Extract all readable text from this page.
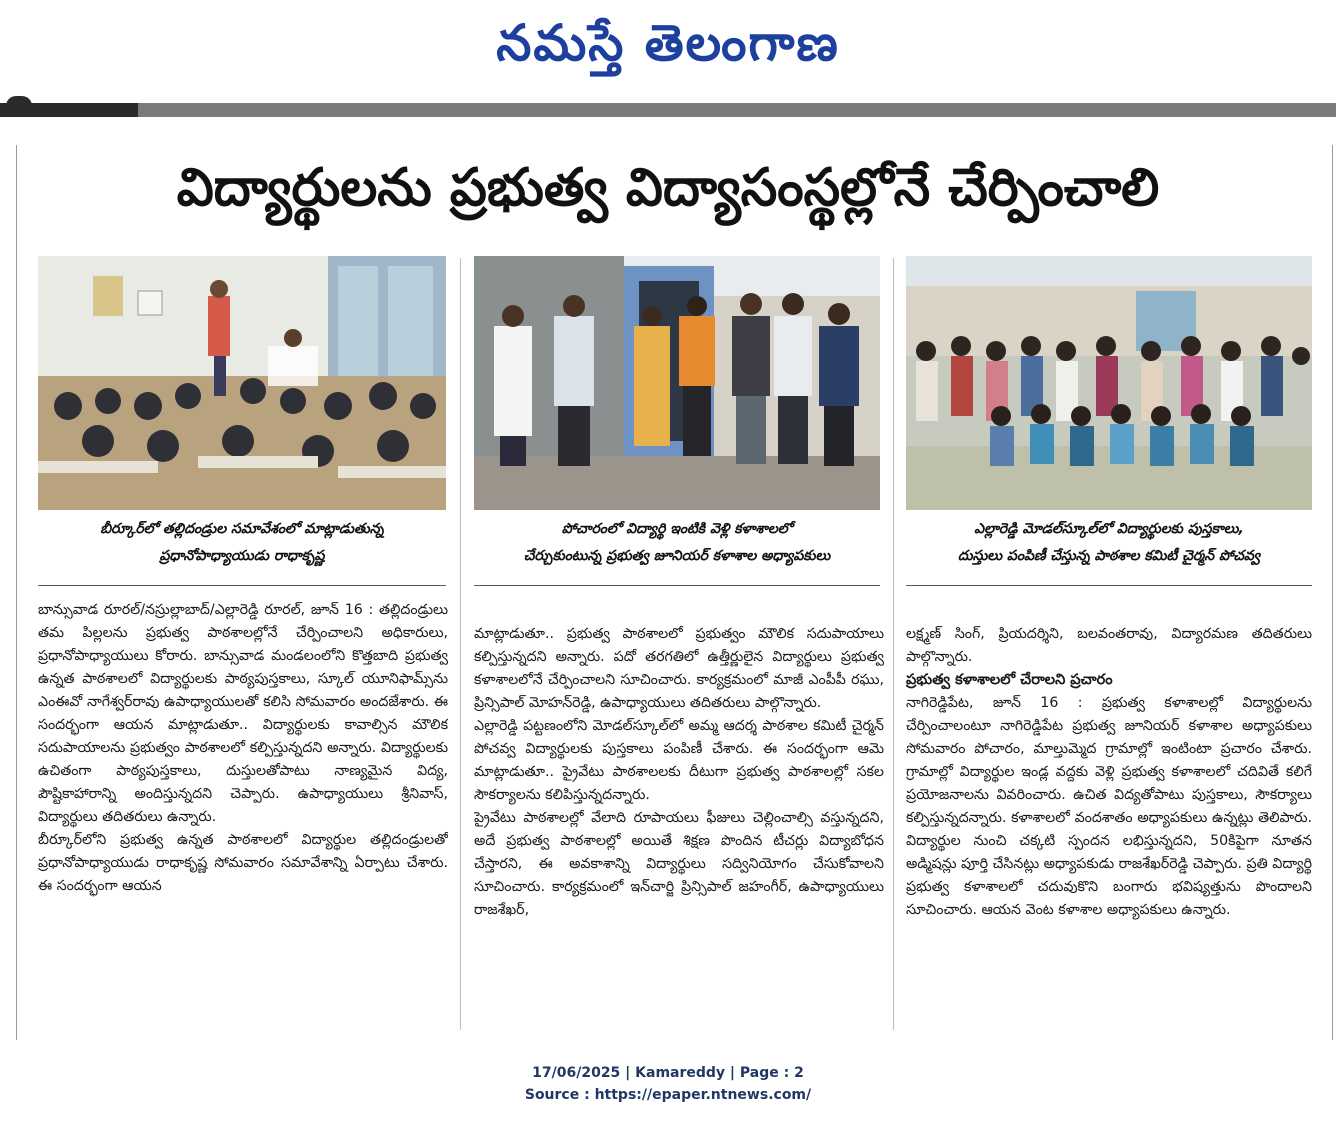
నమస్తే తెలంగాణ
విద్యార్థులను ప్రభుత్వ విద్యాసంస్థల్లోనే చేర్పించాలి
బీర్కూర్‌లో తల్లిదండ్రుల సమావేశంలో మాట్లాడుతున్న
ప్రధానోపాధ్యాయుడు రాధాకృష్ణ
పోచారంలో విద్యార్థి ఇంటికి వెళ్లి కళాశాలలో
చేర్చుకుంటున్న ప్రభుత్వ జూనియర్ కళాశాల అధ్యాపకులు
ఎల్లారెడ్డి మోడల్‌స్కూల్‌లో విద్యార్థులకు పుస్తకాలు,
దుస్తులు పంపిణీ చేస్తున్న పాఠశాల కమిటీ చైర్మన్ పోచవ్వ

బాన్సువాడ రూరల్/నస్రుల్లాబాద్/ఎల్లారెడ్డి రూరల్, జూన్ 16 : తల్లిదండ్రులు తమ పిల్లలను ప్రభుత్వ పాఠశాలల్లోనే చేర్పించాలని అధికారులు, ప్రధానోపాధ్యాయులు కోరారు. బాన్సువాడ మండలంలోని కొత్తబాది ప్రభుత్వ ఉన్నత పాఠశాలలో విద్యార్థులకు పాఠ్యపుస్తకాలు, స్కూల్ యూనిఫామ్స్‌ను ఎంఈవో నాగేశ్వర్‌రావు ఉపాధ్యాయులతో కలిసి సోమవారం అందజేశారు. ఈ సందర్భంగా ఆయన మాట్లాడుతూ.. విద్యార్థులకు కావాల్సిన మౌలిక సదుపాయాలను ప్రభుత్వం పాఠశాలలో కల్పిస్తున్నదని అన్నారు. విద్యార్థులకు ఉచితంగా పాఠ్యపుస్తకాలు, దుస్తులతోపాటు నాణ్యమైన విద్య, పౌష్టికాహారాన్ని అందిస్తున్నదని చెప్పారు. ఉపాధ్యాయులు శ్రీనివాస్, విద్యార్థులు తదితరులు ఉన్నారు.

బీర్కూర్‌లోని ప్రభుత్వ ఉన్నత పాఠశాలలో విద్యార్థుల తల్లిదండ్రులతో ప్రధానోపాధ్యాయుడు రాధాకృష్ణ సోమవారం సమావేశాన్ని ఏర్పాటు చేశారు. ఈ సందర్భంగా ఆయన

మాట్లాడుతూ.. ప్రభుత్వ పాఠశాలలో ప్రభుత్వం మౌలిక సదుపాయాలు కల్పిస్తున్నదని అన్నారు. పదో తరగతిలో ఉత్తీర్ణులైన విద్యార్థులు ప్రభుత్వ కళాశాలలోనే చేర్పించాలని సూచించారు. కార్యక్రమంలో మాజీ ఎంపీపీ రఘు, ప్రిన్సిపాల్ మోహన్‌రెడ్డి, ఉపాధ్యాయులు తదితరులు పాల్గొన్నారు.

ఎల్లారెడ్డి పట్టణంలోని మోడల్‌స్కూల్‌లో అమ్మ ఆదర్శ పాఠశాల కమిటీ చైర్మన్ పోచవ్వ విద్యార్థులకు పుస్తకాలు పంపిణీ చేశారు. ఈ సందర్భంగా ఆమె మాట్లాడుతూ.. ప్రైవేటు పాఠశాలలకు దీటుగా ప్రభుత్వ పాఠశాలల్లో సకల సౌకర్యాలను కలిపిస్తున్నదన్నారు.

ప్రైవేటు పాఠశాలల్లో వేలాది రూపాయలు ఫీజులు చెల్లించాల్సి వస్తున్నదని, అదే ప్రభుత్వ పాఠశాలల్లో అయితే శిక్షణ పొందిన టీచర్లు విద్యాబోధన చేస్తారని, ఈ అవకాశాన్ని విద్యార్థులు సద్వినియోగం చేసుకోవాలని సూచించారు. కార్యక్రమంలో ఇన్‌చార్జి ప్రిన్సిపాల్ జహంగీర్, ఉపాధ్యాయులు రాజశేఖర్,

లక్ష్మణ్ సింగ్, ప్రియదర్శిని, బలవంతరావు, విద్యారమణ తదితరులు పాల్గొన్నారు.

ప్రభుత్వ కళాశాలలో చేరాలని ప్రచారం

నాగిరెడ్డిపేట, జూన్ 16 : ప్రభుత్వ కళాశాలల్లో విద్యార్థులను చేర్పించాలంటూ నాగిరెడ్డిపేట ప్రభుత్వ జూనియర్ కళాశాల అధ్యాపకులు సోమవారం పోచారం, మాల్తుమ్మెద గ్రామాల్లో ఇంటింటా ప్రచారం చేశారు. గ్రామాల్లో విద్యార్థుల ఇండ్ల వద్దకు వెళ్లి ప్రభుత్వ కళాశాలలో చదివితే కలిగే ప్రయోజనాలను వివరించారు. ఉచిత విద్యతోపాటు పుస్తకాలు, సౌకర్యాలు కల్పిస్తున్నదన్నారు. కళాశాలలో వందశాతం అధ్యాపకులు ఉన్నట్లు తెలిపారు. విద్యార్థుల నుంచి చక్కటి స్పందన లభిస్తున్నదని, 50కిపైగా నూతన అడ్మిషన్లు పూర్తి చేసినట్లు అధ్యాపకుడు రాజశేఖర్‌రెడ్డి చెప్పారు. ప్రతి విద్యార్థి ప్రభుత్వ కళాశాలలో చదువుకొని బంగారు భవిష్యత్తును పొందాలని సూచించారు. ఆయన వెంట కళాశాల అధ్యాపకులు ఉన్నారు.

17/06/2025 | Kamareddy | Page : 2
Source : https://epaper.ntnews.com/
